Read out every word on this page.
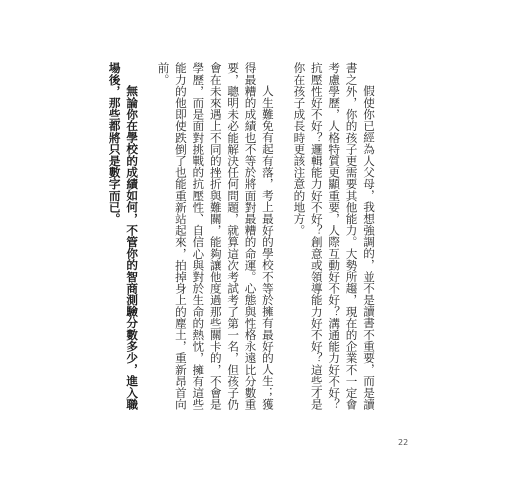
假使你已經為人父母，我想強調的，並不是讀書不重要，而是讀書之外，你的孩子更需要其他能力。大勢所趨，現在的企業不一定會考慮學歷，人格特質更顯重要，人際互動好不好？溝通能力好不好？抗壓性好不好？邏輯能力好不好？創意或領導能力好不好？這些才是你在孩子成長時更該注意的地方。

人生難免有起有落，考上最好的學校不等於擁有最好的人生；獲得最糟的成績也不等於將面對最糟的命運。心態與性格永遠比分數重要，聰明未必能解決任何問題，就算這次考試考了第一名，但孩子仍會在未來遇上不同的挫折與難關，能夠讓他度過那些關卡的，不會是學歷，而是面對挑戰的抗壓性、自信心與對於生命的熱忱，擁有這些能力的他即使跌倒了也能重新站起來，拍掉身上的塵土，重新昂首向前。

無論你在學校的成績如何，不管你的智商測驗分數多少，進入職場後，那些都將只是數字而已。

22
